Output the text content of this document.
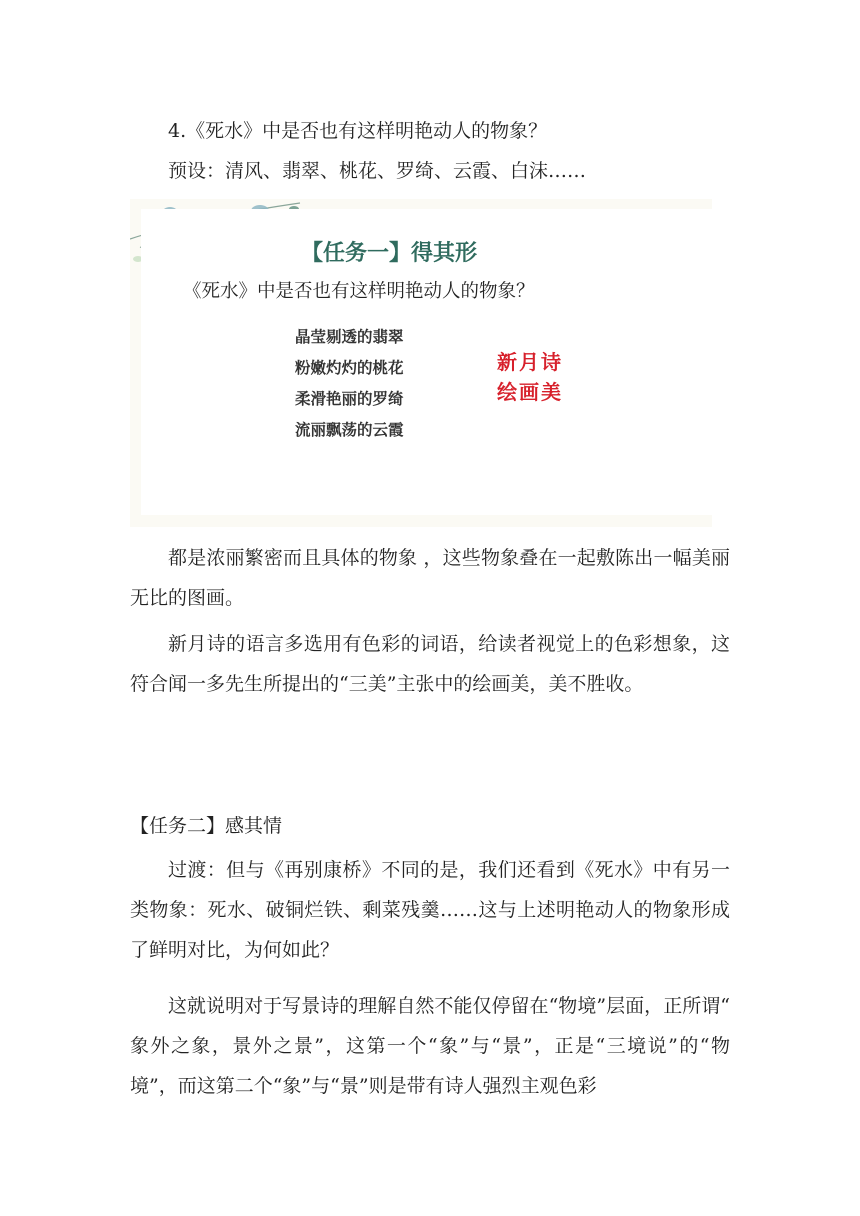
4.《死水》中是否也有这样明艳动人的物象？
预设：清风、翡翠、桃花、罗绮、云霞、白沫……
【任务一】得其形
《死水》中是否也有这样明艳动人的物象？
晶莹剔透的翡翠
粉嫩灼灼的桃花
柔滑艳丽的罗绮
流丽飘荡的云霞
新月诗
绘画美
都是浓丽繁密而且具体的物象 ，这些物象叠在一起敷陈出一幅美丽无比的图画。
新月诗的语言多选用有色彩的词语，给读者视觉上的色彩想象，这符合闻一多先生所提出的“三美”主张中的绘画美，美不胜收。
【任务二】感其情
过渡：但与《再别康桥》不同的是，我们还看到《死水》中有另一类物象：死水、破铜烂铁、剩菜残羹……这与上述明艳动人的物象形成了鲜明对比，为何如此？
这就说明对于写景诗的理解自然不能仅停留在“物境”层面，正所谓“ 象外之象，景外之景”，这第一个“象”与“景”，正是“三境说”的“物境”，而这第二个“象”与“景”则是带有诗人强烈主观色彩
